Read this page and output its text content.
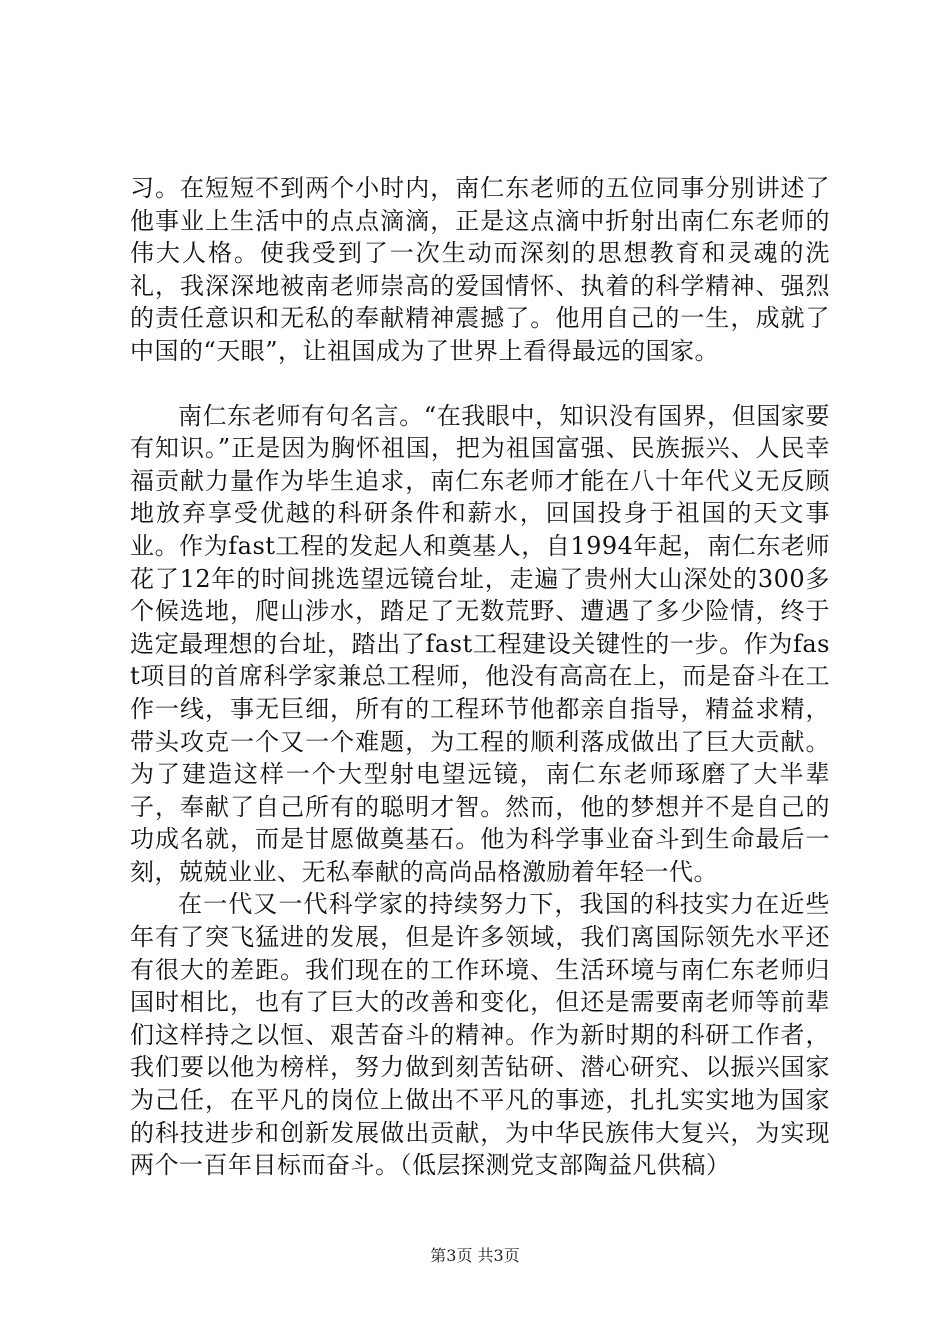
习。在短短不到两个小时内，南仁东老师的五位同事分别讲述了他事业上生活中的点点滴滴，正是这点滴中折射出南仁东老师的伟大人格。使我受到了一次生动而深刻的思想教育和灵魂的洗礼，我深深地被南老师崇高的爱国情怀、执着的科学精神、强烈的责任意识和无私的奉献精神震撼了。他用自己的一生，成就了中国的“天眼”，让祖国成为了世界上看得最远的国家。

南仁东老师有句名言。“在我眼中，知识没有国界，但国家要有知识。”正是因为胸怀祖国，把为祖国富强、民族振兴、人民幸福贡献力量作为毕生追求，南仁东老师才能在八十年代义无反顾地放弃享受优越的科研条件和薪水，回国投身于祖国的天文事业。作为fast工程的发起人和奠基人，自1994年起，南仁东老师花了12年的时间挑选望远镜台址，走遍了贵州大山深处的300多个候选地，爬山涉水，踏足了无数荒野、遭遇了多少险情，终于选定最理想的台址，踏出了fast工程建设关键性的一步。作为fast项目的首席科学家兼总工程师，他没有高高在上，而是奋斗在工作一线，事无巨细，所有的工程环节他都亲自指导，精益求精，带头攻克一个又一个难题，为工程的顺利落成做出了巨大贡献。为了建造这样一个大型射电望远镜，南仁东老师琢磨了大半辈子，奉献了自己所有的聪明才智。然而，他的梦想并不是自己的功成名就，而是甘愿做奠基石。他为科学事业奋斗到生命最后一刻，兢兢业业、无私奉献的高尚品格激励着年轻一代。

在一代又一代科学家的持续努力下，我国的科技实力在近些年有了突飞猛进的发展，但是许多领域，我们离国际领先水平还有很大的差距。我们现在的工作环境、生活环境与南仁东老师归国时相比，也有了巨大的改善和变化，但还是需要南老师等前辈们这样持之以恒、艰苦奋斗的精神。作为新时期的科研工作者，我们要以他为榜样，努力做到刻苦钻研、潜心研究、以振兴国家为己任，在平凡的岗位上做出不平凡的事迹，扎扎实实地为国家的科技进步和创新发展做出贡献，为中华民族伟大复兴，为实现两个一百年目标而奋斗。（低层探测党支部陶益凡供稿）

第3页 共3页
